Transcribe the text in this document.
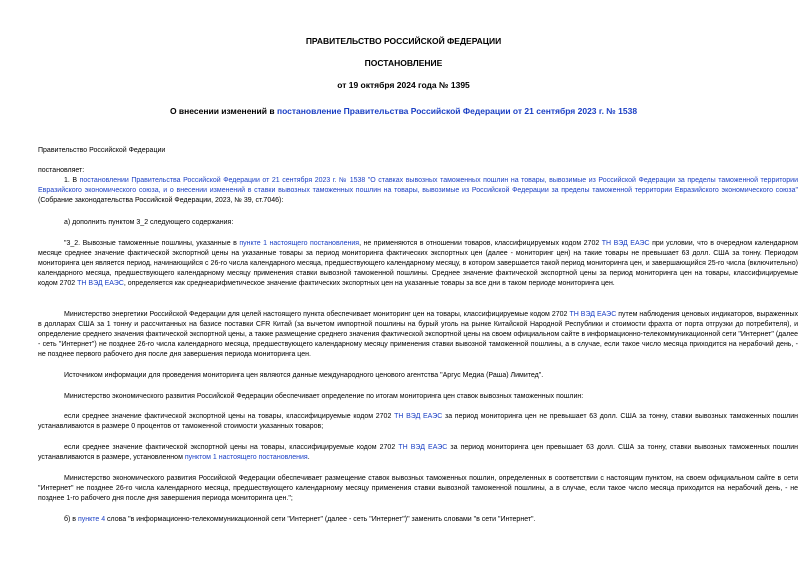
ПРАВИТЕЛЬСТВО РОССИЙСКОЙ ФЕДЕРАЦИИ
ПОСТАНОВЛЕНИЕ
от 19 октября 2024 года № 1395
О внесении изменений в постановление Правительства Российской Федерации от 21 сентября 2023 г. № 1538
Правительство Российской Федерации
постановляет:
1. В постановлении Правительства Российской Федерации от 21 сентября 2023 г. № 1538 "О ставках вывозных таможенных пошлин на товары, вывозимые из Российской Федерации за пределы таможенной территории Евразийского экономического союза, и о внесении изменений в ставки вывозных таможенных пошлин на товары, вывозимые из Российской Федерации за пределы таможенной территории Евразийского экономического союза" (Собрание законодательства Российской Федерации, 2023, № 39, ст.7046):
а) дополнить пунктом 3_2 следующего содержания:
"3_2. Вывозные таможенные пошлины, указанные в пункте 1 настоящего постановления, не применяются в отношении товаров, классифицируемых кодом 2702 ТН ВЭД ЕАЭС при условии, что в очередном календарном месяце среднее значение фактической экспортной цены на указанные товары за период мониторинга фактических экспортных цен (далее - мониторинг цен) на такие товары не превышает 63 долл. США за тонну. Периодом мониторинга цен является период, начинающийся с 26-го числа календарного месяца, предшествующего календарному месяцу, в котором завершается такой период мониторинга цен, и завершающийся 25-го числа (включительно) календарного месяца, предшествующего календарному месяцу применения ставки вывозной таможенной пошлины. Среднее значение фактической экспортной цены за период мониторинга цен на товары, классифицируемые кодом 2702 ТН ВЭД ЕАЭС, определяется как среднеарифметическое значение фактических экспортных цен на указанные товары за все дни в таком периоде мониторинга цен.
Министерство энергетики Российской Федерации для целей настоящего пункта обеспечивает мониторинг цен на товары, классифицируемые кодом 2702 ТН ВЭД ЕАЭС путем наблюдения ценовых индикаторов, выраженных в долларах США за 1 тонну и рассчитанных на базисе поставки CFR Китай (за вычетом импортной пошлины на бурый уголь на рынке Китайской Народной Республики и стоимости фрахта от порта отгрузки до потребителя), и определение среднего значения фактической экспортной цены, а также размещение среднего значения фактической экспортной цены на своем официальном сайте в информационно-телекоммуникационной сети "Интернет" (далее - сеть "Интернет") не позднее 26-го числа календарного месяца, предшествующего календарному месяцу применения ставки вывозной таможенной пошлины, а в случае, если такое число месяца приходится на нерабочий день, - не позднее первого рабочего дня после дня завершения периода мониторинга цен.
Источником информации для проведения мониторинга цен являются данные международного ценового агентства "Аргус Медиа (Раша) Лимитед".
Министерство экономического развития Российской Федерации обеспечивает определение по итогам мониторинга цен ставок вывозных таможенных пошлин:
если среднее значение фактической экспортной цены на товары, классифицируемые кодом 2702 ТН ВЭД ЕАЭС за период мониторинга цен не превышает 63 долл. США за тонну, ставки вывозных таможенных пошлин устанавливаются в размере 0 процентов от таможенной стоимости указанных товаров;
если среднее значение фактической экспортной цены на товары, классифицируемые кодом 2702 ТН ВЭД ЕАЭС за период мониторинга цен превышает 63 долл. США за тонну, ставки вывозных таможенных пошлин устанавливаются в размере, установленном пунктом 1 настоящего постановления.
Министерство экономического развития Российской Федерации обеспечивает размещение ставок вывозных таможенных пошлин, определенных в соответствии с настоящим пунктом, на своем официальном сайте в сети "Интернет" не позднее 26-го числа календарного месяца, предшествующего календарному месяцу применения ставки вывозной таможенной пошлины, а в случае, если такое число месяца приходится на нерабочий день, - не позднее 1-го рабочего дня после дня завершения периода мониторинга цен.";
б) в пункте 4 слова "в информационно-телекоммуникационной сети "Интернет" (далее - сеть "Интернет")" заменить словами "в сети "Интернет".
